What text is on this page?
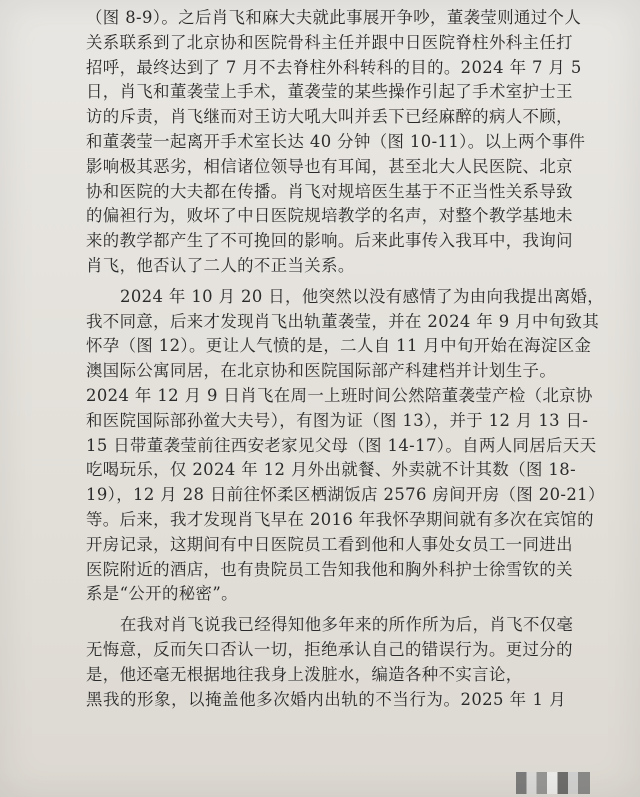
（图 8-9）。之后肖飞和麻大夫就此事展开争吵，董袭莹则通过个人
关系联系到了北京协和医院骨科主任并跟中日医院脊柱外科主任打
招呼，最终达到了 7 月不去脊柱外科转科的目的。2024 年 7 月 5
日，肖飞和董袭莹上手术，董袭莹的某些操作引起了手术室护士王
访的斥责，肖飞继而对王访大吼大叫并丢下已经麻醉的病人不顾，
和董袭莹一起离开手术室长达 40 分钟（图 10-11）。以上两个事件
影响极其恶劣，相信诸位领导也有耳闻，甚至北大人民医院、北京
协和医院的大夫都在传播。肖飞对规培医生基于不正当性关系导致
的偏袒行为，败坏了中日医院规培教学的名声，对整个教学基地未
来的教学都产生了不可挽回的影响。后来此事传入我耳中，我询问
肖飞，他否认了二人的不正当关系。
2024 年 10 月 20 日，他突然以没有感情了为由向我提出离婚，
我不同意，后来才发现肖飞出轨董袭莹，并在 2024 年 9 月中旬致其
怀孕（图 12）。更让人气愤的是，二人自 11 月中旬开始在海淀区金
澳国际公寓同居，在北京协和医院国际部产科建档并计划生子。
2024 年 12 月 9 日肖飞在周一上班时间公然陪董袭莹产检（北京协
和医院国际部孙鲎大夫号），有图为证（图 13），并于 12 月 13 日-
15 日带董袭莹前往西安老家见父母（图 14-17）。自两人同居后天天
吃喝玩乐，仅 2024 年 12 月外出就餐、外卖就不计其数（图 18-
19），12 月 28 日前往怀柔区栖湖饭店 2576 房间开房（图 20-21）
等。后来，我才发现肖飞早在 2016 年我怀孕期间就有多次在宾馆的
开房记录，这期间有中日医院员工看到他和人事处女员工一同进出
医院附近的酒店，也有贵院员工告知我他和胸外科护士徐雪钦的关
系是“公开的秘密”。
在我对肖飞说我已经得知他多年来的所作所为后，肖飞不仅毫
无悔意，反而矢口否认一切，拒绝承认自己的错误行为。更过分的
是，他还毫无根据地往我身上泼脏水，编造各种不实言论，
黑我的形象，以掩盖他多次婚内出轨的不当行为。2025 年 1 月
